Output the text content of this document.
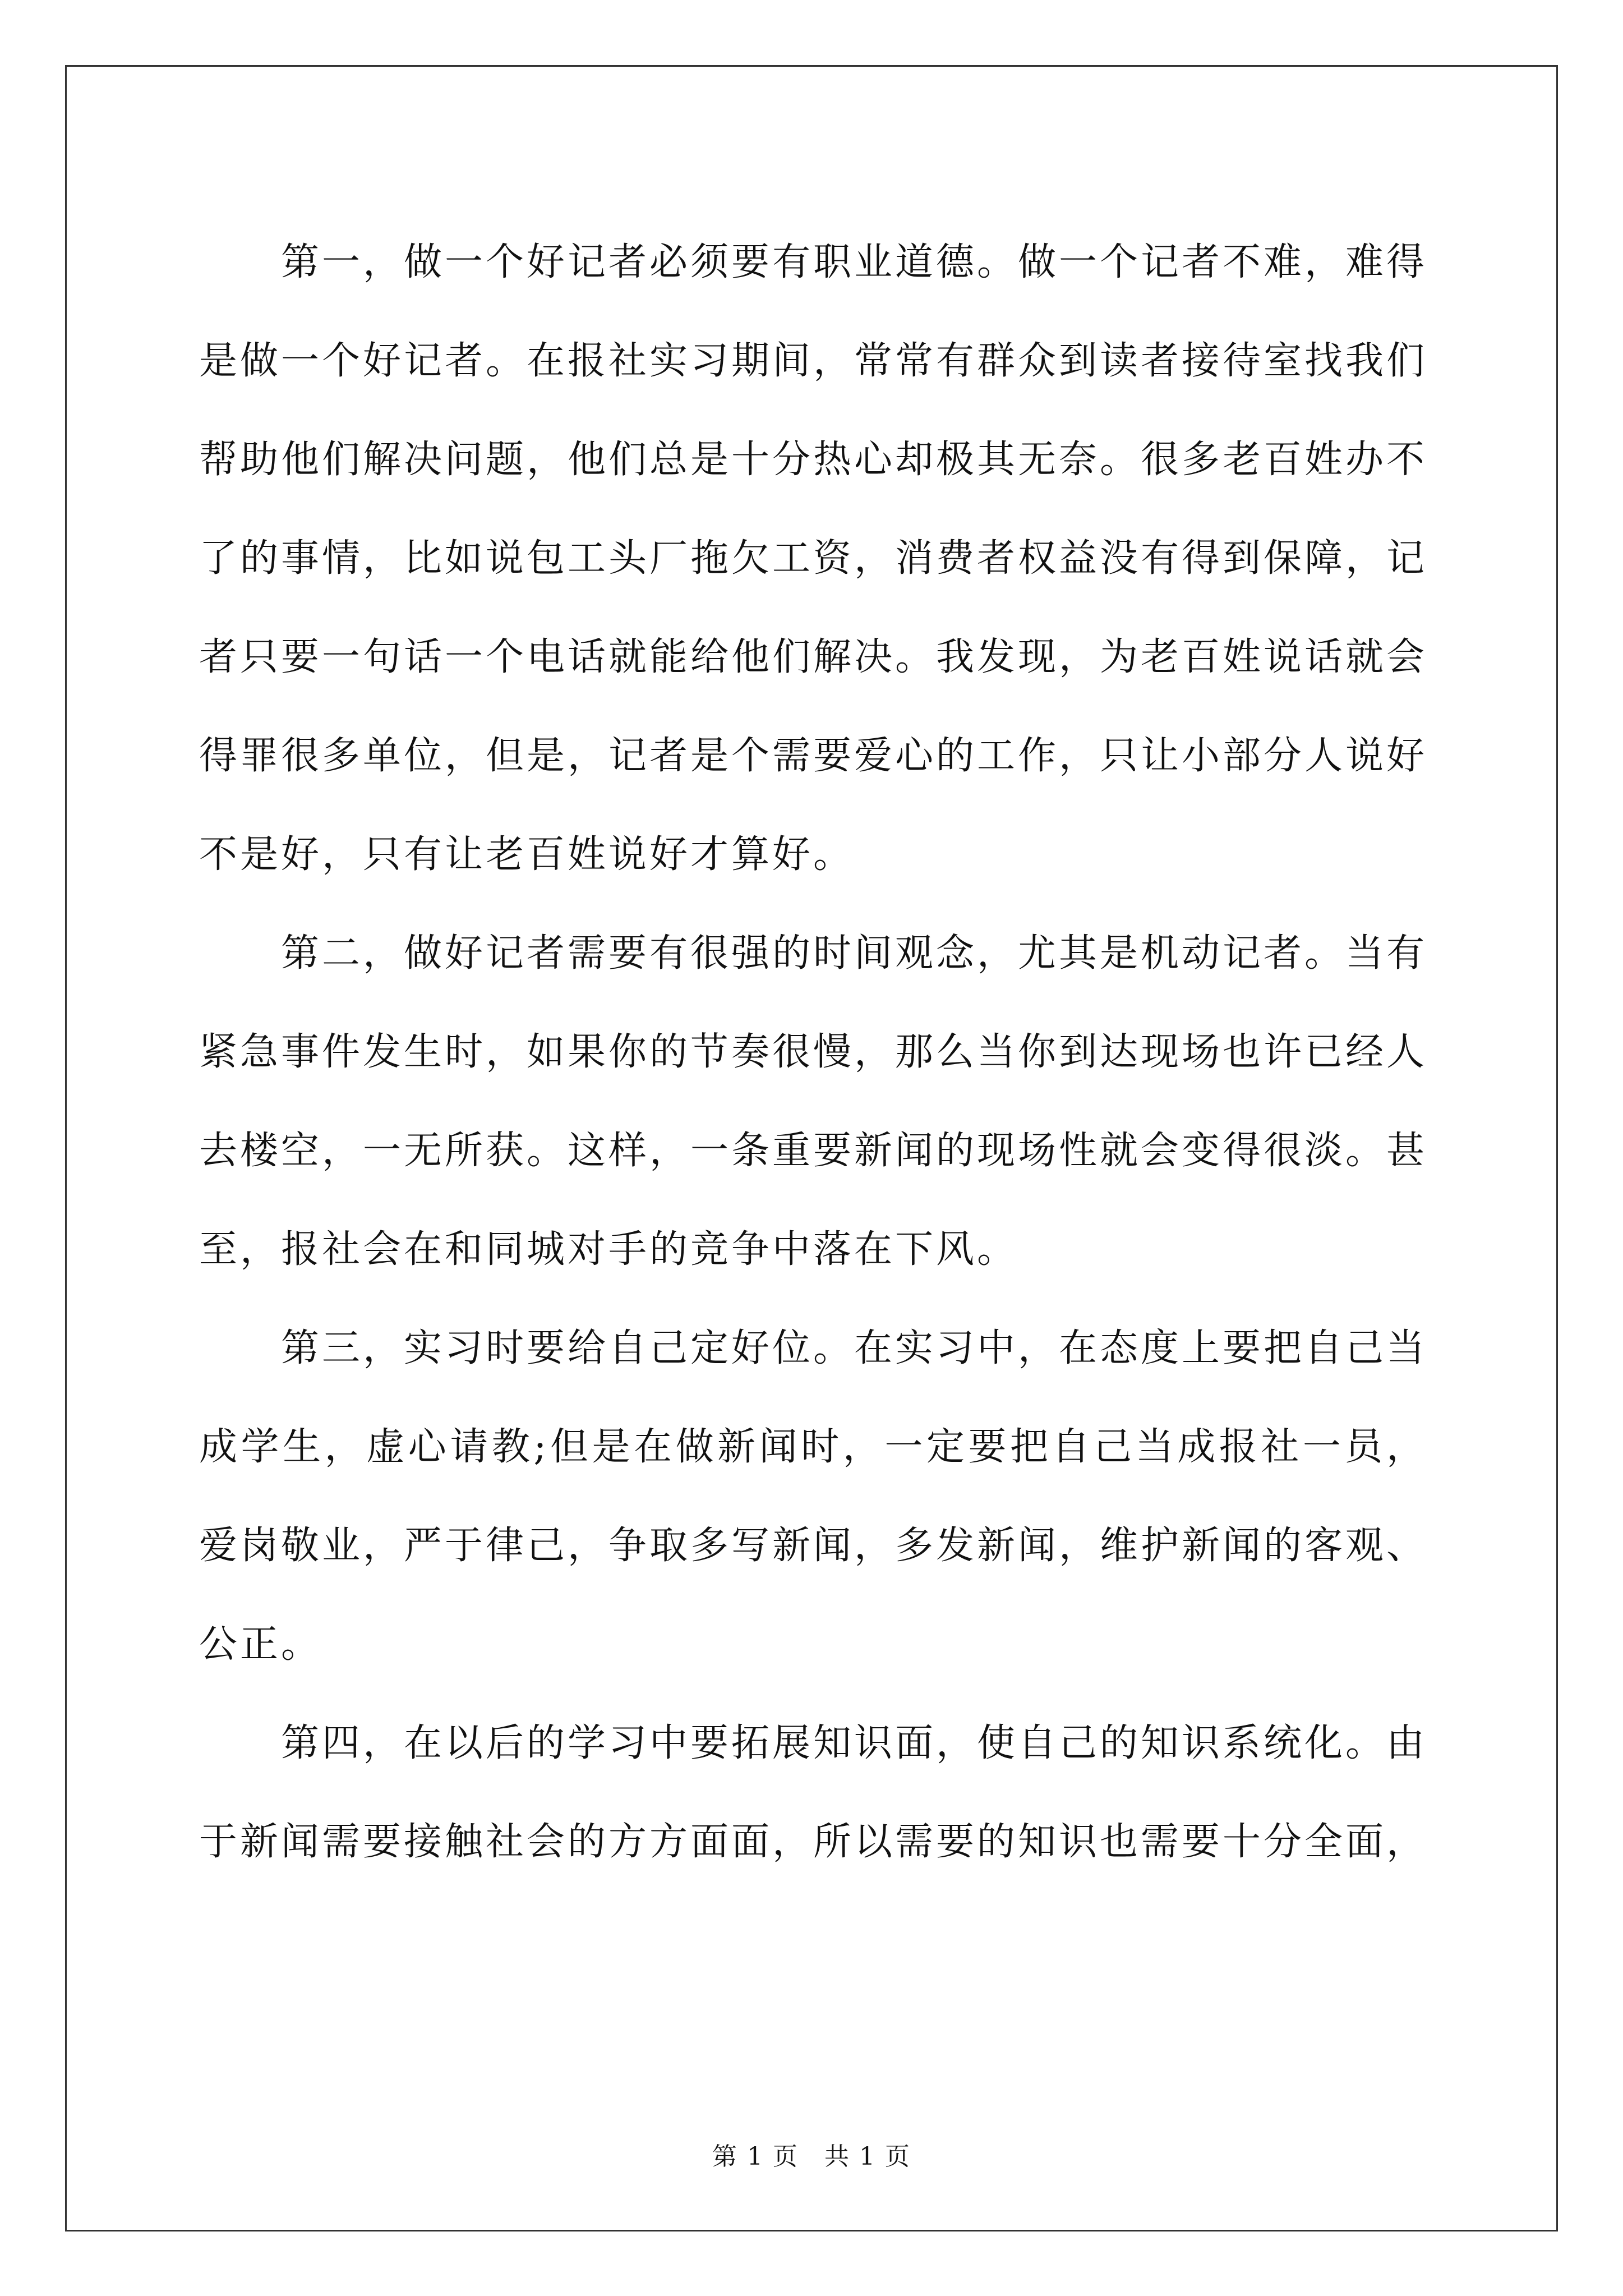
第一，做一个好记者必须要有职业道德。做一个记者不难，难得是做一个好记者。在报社实习期间，常常有群众到读者接待室找我们帮助他们解决问题，他们总是十分热心却极其无奈。很多老百姓办不了的事情，比如说包工头厂拖欠工资，消费者权益没有得到保障，记者只要一句话一个电话就能给他们解决。我发现，为老百姓说话就会得罪很多单位，但是，记者是个需要爱心的工作，只让小部分人说好不是好，只有让老百姓说好才算好。

第二，做好记者需要有很强的时间观念，尤其是机动记者。当有紧急事件发生时，如果你的节奏很慢，那么当你到达现场也许已经人去楼空，一无所获。这样，一条重要新闻的现场性就会变得很淡。甚至，报社会在和同城对手的竞争中落在下风。

第三，实习时要给自己定好位。在实习中，在态度上要把自己当成学生，虚心请教;但是在做新闻时，一定要把自己当成报社一员，爱岗敬业，严于律己，争取多写新闻，多发新闻，维护新闻的客观、公正。

第四，在以后的学习中要拓展知识面，使自己的知识系统化。由于新闻需要接触社会的方方面面，所以需要的知识也需要十分全面，

第 1 页　共 1 页
